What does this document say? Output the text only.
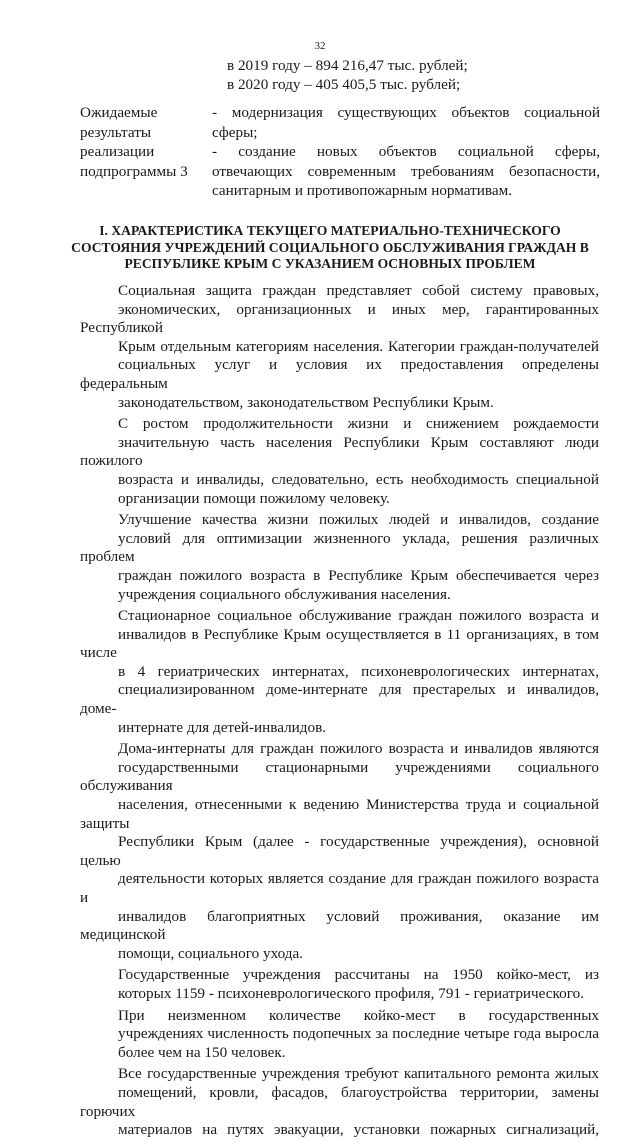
32
в 2019 году – 894 216,47 тыс. рублей;
в 2020 году – 405 405,5 тыс. рублей;
Ожидаемые
результаты
реализации
подпрограммы 3
- модернизация существующих объектов социальной
сферы;
- создание новых объектов социальной сферы,
отвечающих современным требованиям безопасности,
санитарным и противопожарным нормативам.
I. ХАРАКТЕРИСТИКА ТЕКУЩЕГО МАТЕРИАЛЬНО-ТЕХНИЧЕСКОГО
СОСТОЯНИЯ УЧРЕЖДЕНИЙ СОЦИАЛЬНОГО ОБСЛУЖИВАНИЯ ГРАЖДАН В
РЕСПУБЛИКЕ КРЫМ С УКАЗАНИЕМ ОСНОВНЫХ ПРОБЛЕМ

Социальная защита граждан представляет собой систему правовых,
экономических, организационных и иных мер, гарантированных Республикой
Крым отдельным категориям населения. Категории граждан-получателей
социальных услуг и условия их предоставления определены федеральным
законодательством, законодательством Республики Крым.

С ростом продолжительности жизни и снижением рождаемости
значительную часть населения Республики Крым составляют люди пожилого
возраста и инвалиды, следовательно, есть необходимость специальной
организации помощи пожилому человеку.

Улучшение качества жизни пожилых людей и инвалидов, создание
условий для оптимизации жизненного уклада, решения различных проблем
граждан пожилого возраста в Республике Крым обеспечивается через
учреждения социального обслуживания населения.

Стационарное социальное обслуживание граждан пожилого возраста и
инвалидов в Республике Крым осуществляется в 11 организациях, в том числе
в 4 гериатрических интернатах, психоневрологических интернатах,
специализированном доме-интернате для престарелых и инвалидов, доме-
интернате для детей-инвалидов.

Дома-интернаты для граждан пожилого возраста и инвалидов являются
государственными стационарными учреждениями социального обслуживания
населения, отнесенными к ведению Министерства труда и социальной защиты
Республики Крым (далее - государственные учреждения), основной целью
деятельности которых является создание для граждан пожилого возраста и
инвалидов благоприятных условий проживания, оказание им медицинской
помощи, социального ухода.

Государственные учреждения рассчитаны на 1950 койко-мест, из
которых 1159 - психоневрологического профиля, 791 - гериатрического.

При неизменном количестве койко-мест в государственных
учреждениях численность подопечных за последние четыре года выросла
более чем на 150 человек.

Все государственные учреждения требуют капитального ремонта жилых
помещений, кровли, фасадов, благоустройства территории, замены горючих
материалов на путях эвакуации, установки пожарных сигнализаций,
